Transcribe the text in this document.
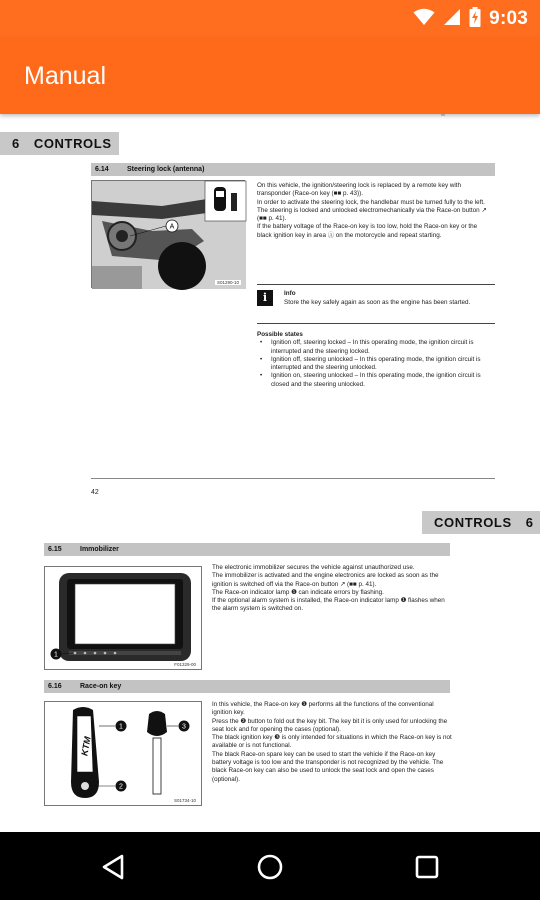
9:03
Manual
6 CONTROLS
6.14	Steering lock (antenna)
A
S01290-10

On this vehicle, the ignition/steering lock is replaced by a remote key with transponder (Race-on key (■■ p. 43)).

In order to activate the steering lock, the handlebar must be turned fully to the left.

The steering is locked and unlocked electromechanically via the Race-on button ↗ (■■ p. 41).

If the battery voltage of the Race-on key is too low, hold the Race-on key or the black ignition key in area Ⓐ on the motorcycle and repeat starting.

i	Info
Store the key safely again as soon as the engine has been started.
Possible states
• Ignition off, steering locked – In this operating mode, the ignition circuit is interrupted and the steering locked.
• Ignition off, steering unlocked – In this operating mode, the ignition circuit is interrupted and the steering unlocked.
• Ignition on, steering unlocked – In this operating mode, the ignition circuit is closed and the steering unlocked.
42
CONTROLS 6
6.15	Immobilizer
1
F01329-00

The electronic immobilizer secures the vehicle against unauthorized use.

The immobilizer is activated and the engine electronics are locked as soon as the ignition is switched off via the Race-on button ↗ (■■ p. 41).

The Race-on indicator lamp ❶ can indicate errors by flashing.

If the optional alarm system is installed, the Race-on indicator lamp ❶ flashes when the alarm system is switched on.

6.16	Race-on key
KTM
1
2
3
S01734-10

In this vehicle, the Race-on key ❶ performs all the functions of the conventional ignition key.

Press the ❷ button to fold out the key bit. The key bit it is only used for unlocking the seat lock and for opening the cases (optional).

The black ignition key ❸ is only intended for situations in which the Race-on key is not available or is not functional.

The black Race-on spare key can be used to start the vehicle if the Race-on key battery voltage is too low and the transponder is not recognized by the vehicle. The black Race-on key can also be used to unlock the seat lock and open the cases (optional).
